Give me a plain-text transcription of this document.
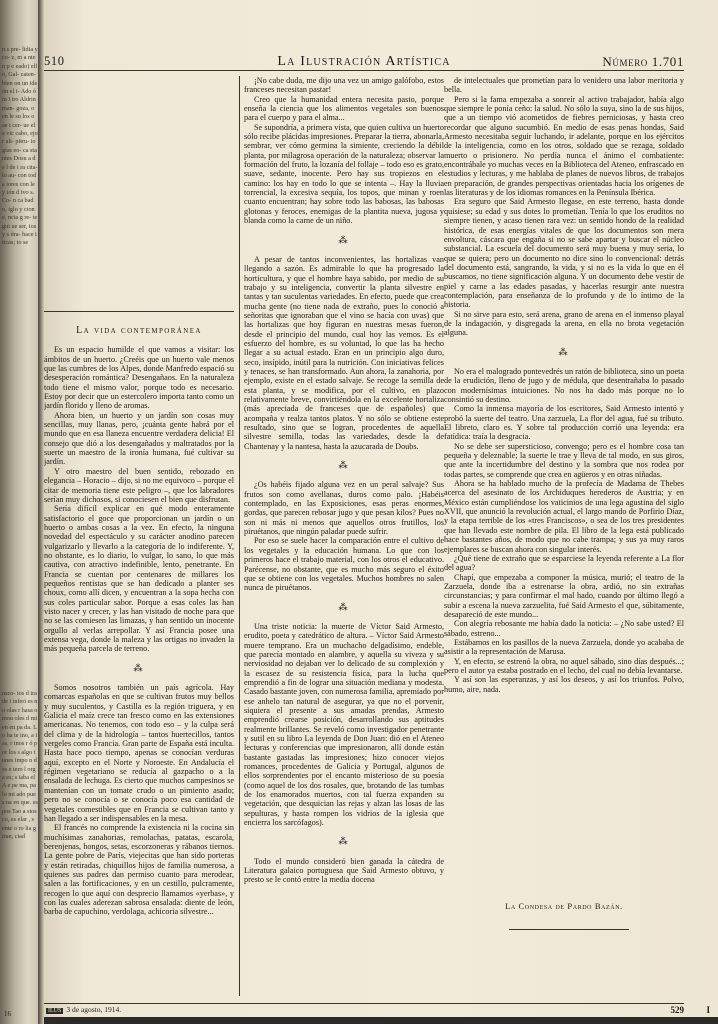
n s pre- lidia y co- z, m a nte n p e eado) ello, Gal- caten- bien on un ideón el i- Ado ó m i tro Aldrin man- goza, o en le su los o ae i cer- ue el a vic cabo, ejor ali- pitru- iogías eo- ca stantes Dosu a de l de i ra cita- lo au- con toda iores con le y ión d ivo s. Co- n ca bado, iglo y cione, ncia g re- tegui ue ser, ios y s dra- hace iticas; to se
nsco- ios d ira de i inferi es no olas r hasa omou oles d mien en pa da. Lo ha te ino, a ias, r inos r ó por los s algo tones impo n des e tero l orga es; s iaba el A e pe ma, pa lo mi ado pues na en que. es pos Tao a stos co, es elar , s ente o ro lia g tran, ciad
16
510	La Ilustración Artística	Número 1.701
La vida contemporánea

Es un espacio humilde el que vamos a visitar: los ámbitos de un huerto. ¿Creéis que un huerto vale menos que las cumbres de los Alpes, donde Manfredo espació su desesperación romántica? Desengañaos. En la naturaleza todo tiene el mismo valor, porque todo es necesario. Estoy por decir que un estercolero importa tanto como un jardín florido y lleno de aromas.

Ahora bien, un huerto y un jardín son cosas muy sencillas, muy llanas, pero, ¡cuánta gente habrá por el mundo que en esa llaneza encuentre verdadera delicia! El consejo que dió a los desengañados y maltratados por la suerte un maestro de la ironía humana, fué cultivar su jardín.

Y otro maestro del buen sentido, rebozado en elegancia – Horacio – dijo, si no me equivoco – porque el citar de memoria tiene este peligro –, que los labradores serían muy dichosos, si conociesen el bien que disfrutan.

Sería difícil explicar en qué modo enteramente satisfactorio el goce que proporcionan un jardín o un huerto o ambas cosas a la vez. En efecto, la ninguna novedad del espectáculo y su carácter anodino parecen vulgarizarlo y llevarlo a la categoría de lo indiferente. Y, no obstante, es lo diario, lo vulgar, lo sano, lo que más cautiva, con atractivo indefinible, lento, penetrante. En Francia se cuentan por centenares de millares los pequeños rentistas que se han dedicado a planter ses choux, como allí dicen, y encuentran a la sopa hecha con sus coles particular sabor. Porque a esas coles las han visto nacer y crecer, y las han visitado de noche para que no se las comiesen las limazas, y han sentido un inocente orgullo al verlas arrepollar. Y así Francia posee una extensa vega, donde la maleza y las ortigas no invaden la más pequeña parcela de terreno.

⁂

Somos nosotros también un país agrícola. Hay comarcas españolas en que se cultivan frutos muy bellos y muy suculentos, y Castilla es la región triguera, y en Galicia el maíz crece tan fresco como en las extensiones americanas. No tenemos, con todo eso – y la culpa será del clima y de la hidrología – tantos huertecillos, tantos vergeles como Francia. Gran parte de España está inculta. Hasta hace poco tiempo, apenas se conocían verduras aquí, excepto en el Norte y Noroeste. En Andalucía el régimen vegetariano se reducía al gazpacho o a la ensalada de lechuga. Es cierto que muchos campesinos se mantenían con un tomate crudo o un pimiento asado; pero no se conocía o se conocía poco esa cantidad de vegetales comestibles que en Francia se cultivan tanto y han llegado a ser indispensables en la mesa.

El francés no comprende la existencia ni la cocina sin muchísimas zanahorias, remolachas, patatas, escarola, berenjenas, hongos, setas, escorzoneras y rábanos tiernos. La gente pobre de París, viejecitas que han sido porteras y están retiradas, chiquillos hijos de familia numerosa, a quienes sus padres dan permiso cuanto para merodear, salen a las fortificaciones, y en un cestillo, pulcramente, recogen lo que aquí con desprecio llamamos «yerbas», y con las cuales aderezan sabrosa ensalada: diente de león, barba de capuchino, verdolaga, achicoria silvestre...

¡No cabe duda, me dijo una vez un amigo galófobo, estos franceses necesitan pastar!

Creo que la humanidad entera necesita pasto, porque enseña la ciencia que los alimentos vegetales son buenos para el cuerpo y para el alma...

Se supondría, a primera vista, que quien cultiva un huerto sólo recibe plácidas impresiones. Preparar la tierra, abonarla, sembrar, ver cómo germina la simiente, creciendo la débil planta, por milagrosa operación de la naturaleza; observar la formación del fruto, la lozanía del follaje – todo eso es grato, suave, sedante, inocente. Pero hay sus tropiezos en el camino: los hay en todo lo que se intenta –. Hay la lluvia torrencial, la excesiva sequía, los topos, que minan y roen cuanto encuentran; hay sobre todo las babosas, las babosas glotonas y feroces, enemigas de la plantita nueva, jugosa y blanda como la carne de un niño.

⁂

A pesar de tantos inconvenientes, las hortalizas van llegando a sazón. Es admirable lo que ha progresado la horticultura, y que el hombre haya sabido, por medio de su trabajo y su inteligencia, convertir la planta silvestre en tantas y tan suculentas variedades. En efecto, puede que crea mucha gente (no tiene nada de extraño, pues lo conoció a señoritas que ignoraban que el vino se hacía con uvas) que las hortalizas que hoy figuran en nuestras mesas fueron, desde el principio del mundo, cual hoy las vemos. Es el esfuerzo del hombre, es su voluntad, lo que las ha hecho llegar a su actual estado. Eran en un principio algo duro, seco, insípido, inútil para la nutrición. Con iniciativas felices y tenaces, se han transformado. Aun ahora, la zanahoria, por ejemplo, existe en el estado salvaje. Se recoge la semilla de esta planta, y se modifica, por el cultivo, en plazo relativamente breve, convirtiéndola en la excelente hortaliza (más apreciada de franceses que de españoles) que acompaña y realza tantos platos. Y no sólo se obtiene este resultado, sino que se logran, procedentes de aquella silvestre semilla, todas las variedades, desde la de Chantenay y la nantesa, hasta la azucarada de Doubs.

⁂

¿Os habéis fijado alguna vez en un peral salvaje? Sus frutos son como avellanas, duros como palo. ¡Habéis contemplado, en las Exposiciones, esas peras enormes, gordas, que parecen rebosar jugo y que pesan kilos? Pues no son ni más ni menos que aquellos otros frutillos, los piruétanos, que ningún paladar puede sufrir.

Por eso se suele hacer la comparación entre el cultivo de los vegetales y la educación humana. Lo que con los primeros hace el trabajo material, con los otros el educativo. Parécense, no obstante, que es mucho más seguro el éxito que se obtiene con los vegetales. Muchos hombres no salen nunca de piruétanos.

⁂

Una triste noticia: la muerte de Víctor Said Armesto, erudito, poeta y catedrático de altura. – Víctor Said Armesto muere temprano. Era un muchacho delgadísimo, endeble, que parecía montado en alambre, y aquella su viveza y su nerviosidad no dejaban ver lo delicado de su complexión y la escasez de su resistencia física, para la lucha que emprendió a fin de lograr una situación mediana y modesta. Casado bastante joven, con numerosa familia, apremiado por ese anhelo tan natural de asegurar, ya que no el porvenir, siquiera el presente a sus amadas prendas, Armesto emprendió crearse posición, desarrollando sus aptitudes realmente brillantes. Se reveló como investigador penetrante y sutil en su libro La leyenda de Don Juan: dió en el Ateneo lecturas y conferencias que impresionaron, allí donde están bastante gastadas las impresiones; hizo conocer viejos romances, procedentes de Galicia y Portugal, algunos de ellos sorprendentes por el encanto misterioso de su poesía (como aquel de los dos rosales, que, brotando de las tumbas de los enamorados muertos, con tal fuerza expanden su vegetación, que desquician las rejas y alzan las losas de las sepulturas, y hasta rompen los vidrios de la iglesia que encierra los sarcófagos).

⁂

Todo el mundo consideró bien ganada la cátedra de Literatura galaico portuguesa que Said Armesto obtuvo, y presto se le contó entre la media docena

de intelectuales que prometían para lo venidero una labor meritoria y bella.

Pero si la fama empezaba a sonreír al activo trabajador, había algo que siempre le ponía ceño: la salud. No sólo la suya, sino la de sus hijos, que a un tiempo vió acometidos de fiebres perniciosas, y hasta creo recordar que alguno sucumbió. En medio de esas penas hondas, Said Armesto necesitaba seguir luchando, ir adelante, porque en los ejércitos de la inteligencia, como en los otros, soldado que se rezaga, soldado muerto o prisionero. No perdía nunca el ánimo el combatiente: encontrábale yo muchas veces en la Biblioteca del Ateneo, enfrascado en estudios y lecturas, y me hablaba de planes de nuevos libros, de trabajos en preparación, de grandes perspectivas orientadas hacia los orígenes de las literaturas y de los idiomas romances en la Península Ibérica.

Era seguro que Said Armesto llegase, en este terreno, hasta donde quisiese; su edad y sus dotes lo prometían. Tenía lo que los eruditos no siempre tienen, y acaso tienen rara vez: un sentido hondo de la realidad histórica, de esas energías vitales de que los documentos son mera envoltura, cáscara que engaña si no se sabe apartar y buscar el núcleo substancial. La escuela del documento será muy buena y muy seria, lo que se quiera; pero un documento no dice sino lo convencional: detrás del documento está, sangrando, la vida, y si no es la vida lo que en él buscamos, no tiene significación alguna. Y un documento debe vestir de piel y carne a las edades pasadas, y hacerlas resurgir ante nuestra contemplación, para enseñanza de lo profundo y de lo íntimo de la historia.

Si no sirve para esto, será arena, grano de arena en el inmenso playal de la indagación, y disgregada la arena, en ella no brota vegetación alguna.

⁂

No era el malogrado pontevedrés un ratón de biblioteca, sino un poeta de la erudición, lleno de jugo y de médula, que desentrañaba lo pasado con modernísimas intuiciones. No nos ha dado más porque no lo consintió su destino.

Como la inmensa mayoría de los escritores, Said Armesto intentó y probó la suerte del teatro. Una zarzuela, La flor del agua, fué su tributo. El libreto, claro es. Y sobre tal producción corrió una leyenda: era fatídica: traía la desgracia.

No se debe ser supersticioso, convengo; pero es el hombre cosa tan pequeña y deleznable; la suerte le trae y lleva de tal modo, en sus giros, que ante la incertidumbre del destino y la sombra que nos rodea por todas partes, se comprende que crea en agüeros y en otras niñadas.

Ahora se ha hablado mucho de la profecía de Madama de Thebes acerca del asesinato de los Archiduques herederos de Austria; y en México están cumpliéndose los vaticinios de una lega agustina del siglo XVII, que anunció la revolución actual, el largo mando de Porfirio Díaz, y la etapa terrible de los «tres Franciscos», o sea de los tres presidentes que han llevado este nombre de pila. El libro de la lega está publicado hace bastantes años, de modo que no cabe trampa; y sus ya muy raros ejemplares se buscan ahora con singular interés.

¿Qué tiene de extraño que se esparciese la leyenda referente a La flor del agua?

Chapí, que empezaba a componer la música, murió; el teatro de la Zarzuela, donde iba a estrenarse la obra, ardió, no sin extrañas circunstancias; y para confirmar el mal hado, cuando por último llegó a subir a escena la nueva zarzuelita, fué Said Armesto el que, súbitamente, desapareció de este mundo...

Con alegría rebosante me había dado la noticia: – ¿No sabe usted? El sábado, estreno...

Estábamos en los pasillos de la nueva Zarzuela, donde yo acababa de asistir a la representación de Marusa.

Y, en efecto, se estrenó la obra, no aquel sábado, sino días después...; pero el autor ya estaba postrado en el lecho, del cual no debía levantarse.

Y así son las esperanzas, y así los deseos, y así los triunfos. Polvo, humo, aire, nada.

La Condesa de Pardo Bazán.
ILUS 3 de agosto, 1914.	529 I
